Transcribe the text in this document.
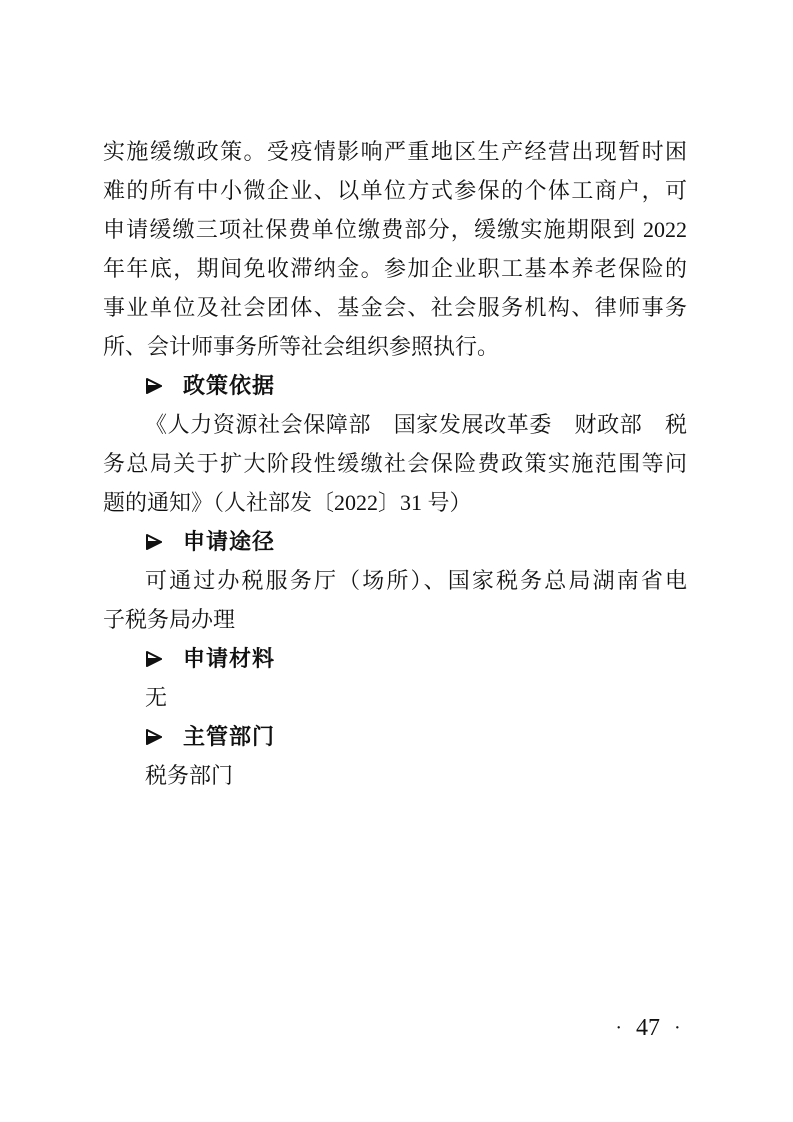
实施缓缴政策。受疫情影响严重地区生产经营出现暂时困
难的所有中小微企业、以单位方式参保的个体工商户，可
申请缓缴三项社保费单位缴费部分，缓缴实施期限到 2022
年年底，期间免收滞纳金。参加企业职工基本养老保险的
事业单位及社会团体、基金会、社会服务机构、律师事务
所、会计师事务所等社会组织参照执行。
政策依据
《人力资源社会保障部　国家发展改革委　财政部　税
务总局关于扩大阶段性缓缴社会保险费政策实施范围等问
题的通知》（人社部发〔2022〕31 号）
申请途径
可通过办税服务厅（场所）、国家税务总局湖南省电
子税务局办理
申请材料
无
主管部门
税务部门
· 47 ·
